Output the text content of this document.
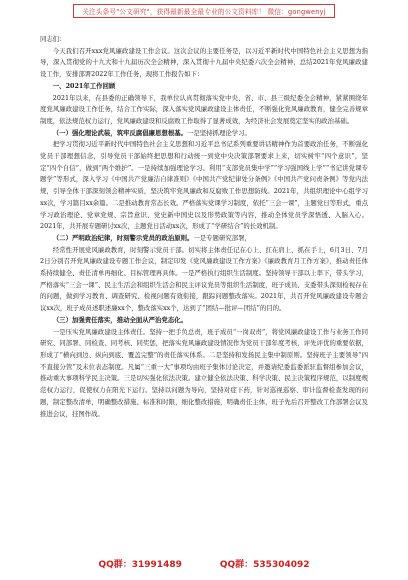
关注头条号"公文研究"，获得最新最全最专业的公文资料库！ 微信：gongwenyj

同志们：

今天我们召开xxx党风廉政建设工作会议。这次会议的主要任务是，以习近平新时代中国特色社会主义思想为指导，深入贯彻党的十九大和十九届历次全会精神，深入贯彻十九届中央纪委六次全会精神，总结2021年党风廉政建设工作，安排部署2022年工作任务，现将工作报告如下：

一、2021年工作回顾

2021年以来，在县委的正确领导下，我单位认真贯彻落实党中央、省、市、县三级纪委全会精神，紧紧围绕年度党风廉政建设工作任务，结合工作实际，深入落实党风廉政建设主体责任，不断强化党风廉政教育，健全完善规章制度，依法规范权力运行，党风廉政建设和反腐败工作取得了显著成效，为经济社会发展奠定坚实的政治基础。

（一）强化理论武装，筑牢反腐倡廉思想根基。一是坚持抓理论学习。

把学习贯彻习近平新时代中国特色社会主义思想和习近平总书记系列重要讲话精神作为首要政治任务，不断强化党员干部理想信念，引导党员干部始终把思想和行动统一到党中央决策部署要求上来，切实树牢“四个意识”，坚定“四个自信”，做到“两个维护”。一是持续加强理论学习。利用“支部党员集中学”“学习强国线上学”“书记讲党课专题学”等形式，深入学习《中国共产党廉洁自律准则》《中国共产党纪律处分条例》《中国共产党问责条例》等党内法规，引导全体干部深刻领会精神实质，坚决筑牢党风廉政和反腐败工作思想防线。2021年，共组织理论中心组学习xx次，学习篇目xx余篇。二是推动教育常态长效。严格落实党课学习制度，依托“三会一课”，主题党日等形式，重点学习政治理论、党章党规、宗旨意识、党史新中国史以及形势政策等内容，推动全体党员学深悟透、入脑入心。2021年，共开展专题研讨xx次，主题党日活动xx次，形成了“学研结合”的长效机制。

（二）严明政治纪律，时刻警示党员的政治原则。一是专题研究部署，

经常性开展党风廉政教育，时刻警示党员干部。切实将主体责任记在心上、扛在肩上，抓在手上，6月3日、7月2日分别召开党风廉政建设专题工作会议，制定印发《党风廉政建设工作方案》《廉政教育月工作方案》，推动责任体系持续健全、责任清单再细化、目标管理再具体。一是严格执行组织生活制度。坚持领导干部以上率下，带头学习，严格落实“三会一课”、民主生活会和组织生活会和民主评议党员等组织生活制度，班子成员、支委带头深刻检视存在的问题，做到学习教育、调查研究、检视问题有效衔接，跟踪问题整改落实。2021年，共召开党风廉政建设专题会议xx次，班子成员述职述廉xx个，整改落实xx个，达到了“团结—批评—团结”的目的。

（三）加强责任落实，推动全面从严治党态化。

一是压实党风廉政建设主体责任。坚持一把手负总责，班子成员“一岗双责”，将党风廉政建设工作与业务工作同研究、同部署、同检查、同考核、同奖惩，把落实党风廉政建设情况作为党员干部年度考核，评先评优的重要依据，形成了“横向到边、纵向到底、覆盖完整”的责任落实体系。二是坚持和发扬民主集中制原则。坚持班子主要领导“四不直接分管”及末位表态制度。凡属“三重一大”事项均由班子集体讨论决定，并邀请纪委监委派驻监督组参加会议，推动重大事项科学民主决策。三是切实强化依法决策。建立健全依法决策、科学决策、民主决策程序规范，以制度规范权力运行，促使权力在阳光下运行。坚持以问题为导向，坚持对症下药，针对巡视巡察、审计监督检查发现的问题，制定整改清单，明确整改措施、标准和时限，细化整改措施，明确责任主体，班子先后召开整改工作部署会议及推进会议，挂图作战。

QQ群：31991489	QQ群：535304092
